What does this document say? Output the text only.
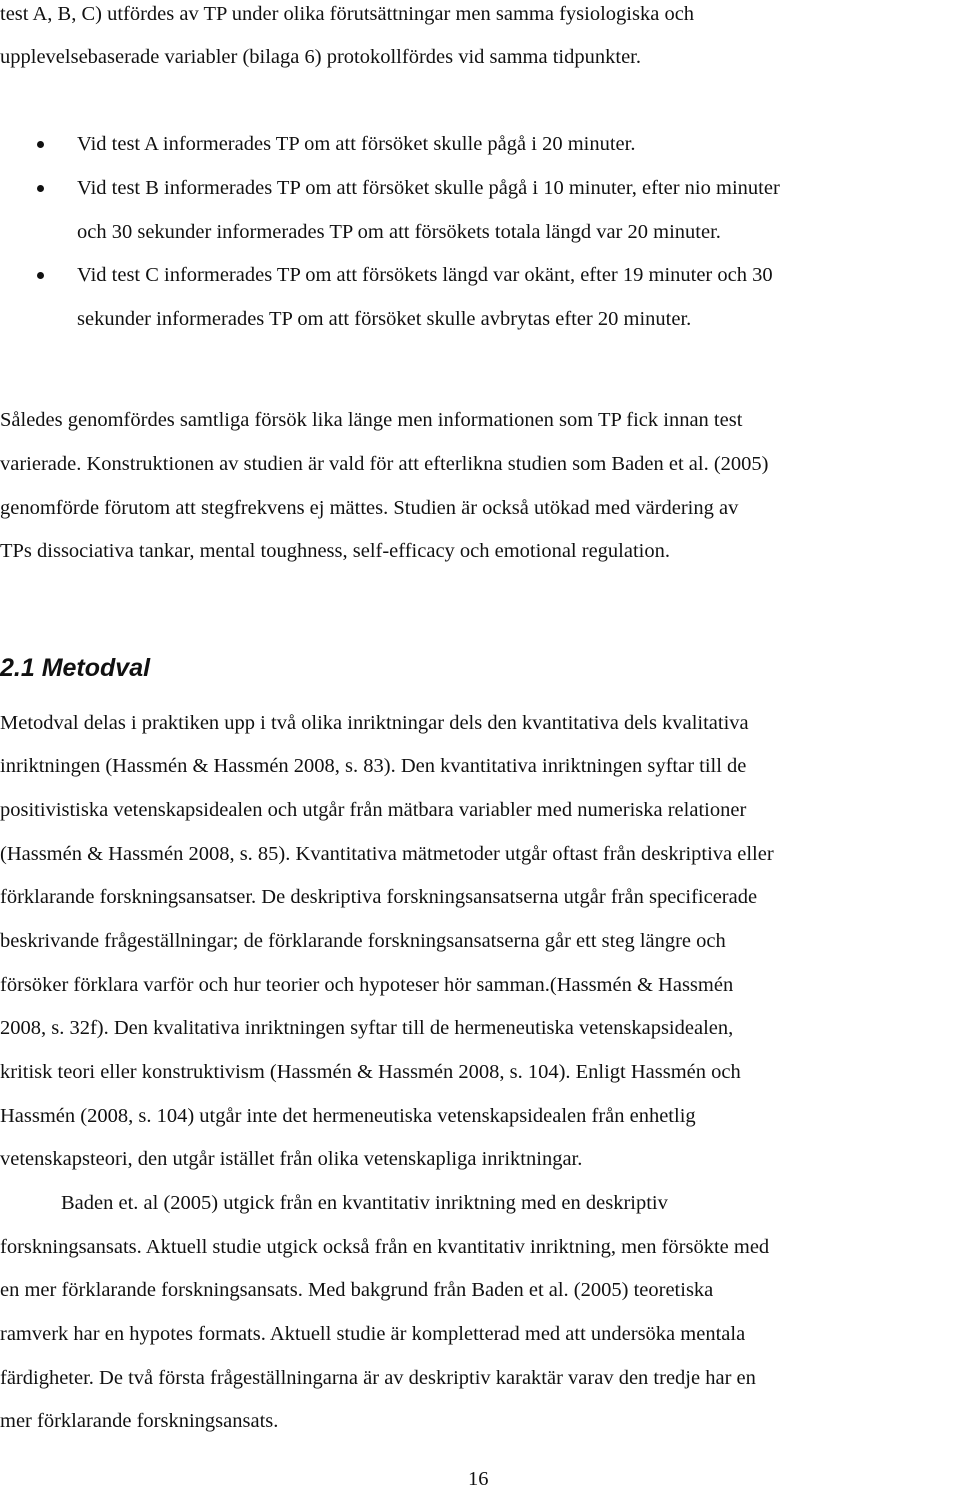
test A, B, C) utfördes av TP under olika förutsättningar men samma fysiologiska och
upplevelsebaserade variabler (bilaga 6) protokollfördes vid samma tidpunkter.
Vid test A informerades TP om att försöket skulle pågå i 20 minuter.
Vid test B informerades TP om att försöket skulle pågå i 10 minuter, efter nio minuter
och 30 sekunder informerades TP om att försökets totala längd var 20 minuter.
Vid test C informerades TP om att försökets längd var okänt, efter 19 minuter och 30
sekunder informerades TP om att försöket skulle avbrytas efter 20 minuter.
Således genomfördes samtliga försök lika länge men informationen som TP fick innan test
varierade. Konstruktionen av studien är vald för att efterlikna studien som Baden et al. (2005)
genomförde förutom att stegfrekvens ej mättes. Studien är också utökad med värdering av
TPs dissociativa tankar, mental toughness, self-efficacy och emotional regulation.
2.1 Metodval
Metodval delas i praktiken upp i två olika inriktningar dels den kvantitativa dels kvalitativa
inriktningen (Hassmén & Hassmén 2008, s. 83). Den kvantitativa inriktningen syftar till de
positivistiska vetenskapsidealen och utgår från mätbara variabler med numeriska relationer
(Hassmén & Hassmén 2008, s. 85). Kvantitativa mätmetoder utgår oftast från deskriptiva eller
förklarande forskningsansatser. De deskriptiva forskningsansatserna utgår från specificerade
beskrivande frågeställningar; de förklarande forskningsansatserna går ett steg längre och
försöker förklara varför och hur teorier och hypoteser hör samman.(Hassmén & Hassmén
2008, s. 32f). Den kvalitativa inriktningen syftar till de hermeneutiska vetenskapsidealen,
kritisk teori eller konstruktivism (Hassmén & Hassmén 2008, s. 104). Enligt Hassmén och
Hassmén (2008, s. 104) utgår inte det hermeneutiska vetenskapsidealen från enhetlig
vetenskapsteori, den utgår istället från olika vetenskapliga inriktningar.
Baden et. al (2005) utgick från en kvantitativ inriktning med en deskriptiv
forskningsansats. Aktuell studie utgick också från en kvantitativ inriktning, men försökte med
en mer förklarande forskningsansats. Med bakgrund från Baden et al. (2005) teoretiska
ramverk har en hypotes formats. Aktuell studie är kompletterad med att undersöka mentala
färdigheter. De två första frågeställningarna är av deskriptiv karaktär varav den tredje har en
mer förklarande forskningsansats.
16
